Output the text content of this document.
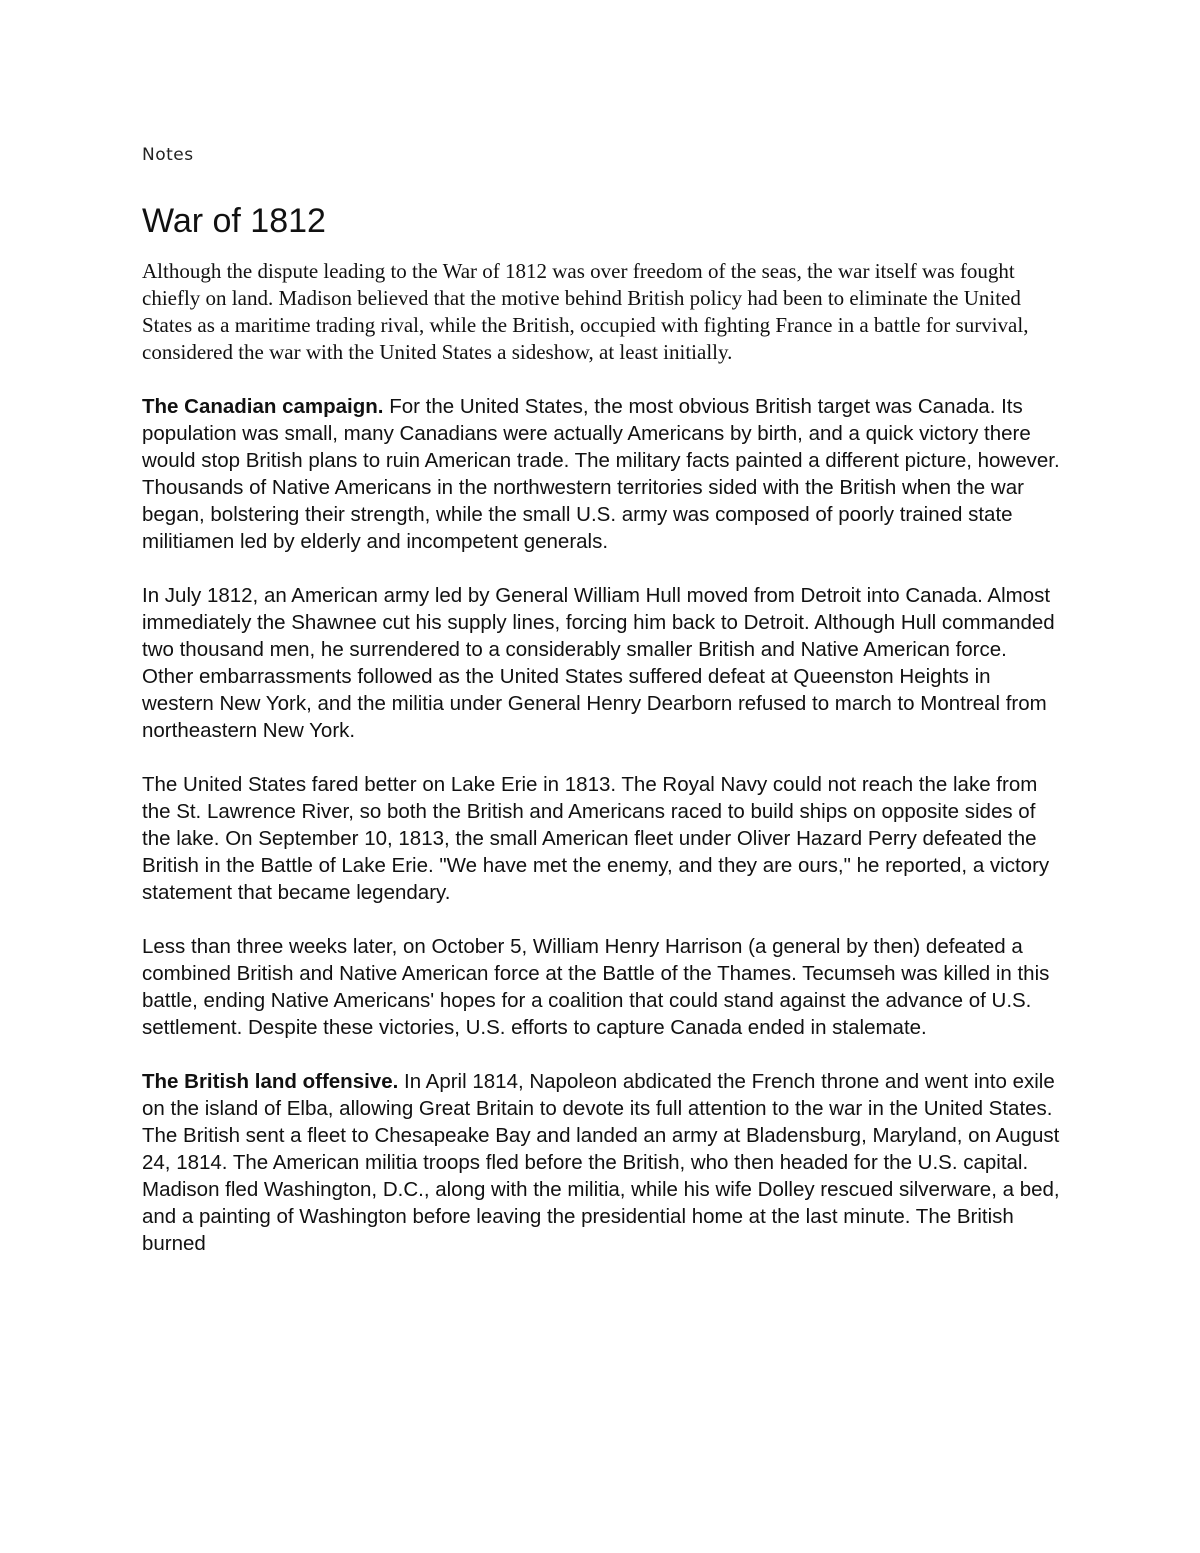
Notes
War of 1812

Although the dispute leading to the War of 1812 was over freedom of the seas, the war itself was fought chiefly on land. Madison believed that the motive behind British policy had been to eliminate the United States as a maritime trading rival, while the British, occupied with fighting France in a battle for survival, considered the war with the United States a sideshow, at least initially.

The Canadian campaign. For the United States, the most obvious British target was Canada. Its population was small, many Canadians were actually Americans by birth, and a quick victory there would stop British plans to ruin American trade. The military facts painted a different picture, however. Thousands of Native Americans in the northwestern territories sided with the British when the war began, bolstering their strength, while the small U.S. army was composed of poorly trained state militiamen led by elderly and incompetent generals.

In July 1812, an American army led by General William Hull moved from Detroit into Canada. Almost immediately the Shawnee cut his supply lines, forcing him back to Detroit. Although Hull commanded two thousand men, he surrendered to a considerably smaller British and Native American force. Other embarrassments followed as the United States suffered defeat at Queenston Heights in western New York, and the militia under General Henry Dearborn refused to march to Montreal from northeastern New York.

The United States fared better on Lake Erie in 1813. The Royal Navy could not reach the lake from the St. Lawrence River, so both the British and Americans raced to build ships on opposite sides of the lake. On September 10, 1813, the small American fleet under Oliver Hazard Perry defeated the British in the Battle of Lake Erie. "We have met the enemy, and they are ours," he reported, a victory statement that became legendary.

Less than three weeks later, on October 5, William Henry Harrison (a general by then) defeated a combined British and Native American force at the Battle of the Thames. Tecumseh was killed in this battle, ending Native Americans' hopes for a coalition that could stand against the advance of U.S. settlement. Despite these victories, U.S. efforts to capture Canada ended in stalemate.

The British land offensive. In April 1814, Napoleon abdicated the French throne and went into exile on the island of Elba, allowing Great Britain to devote its full attention to the war in the United States. The British sent a fleet to Chesapeake Bay and landed an army at Bladensburg, Maryland, on August 24, 1814. The American militia troops fled before the British, who then headed for the U.S. capital. Madison fled Washington, D.C., along with the militia, while his wife Dolley rescued silverware, a bed, and a painting of Washington before leaving the presidential home at the last minute. The British burned
